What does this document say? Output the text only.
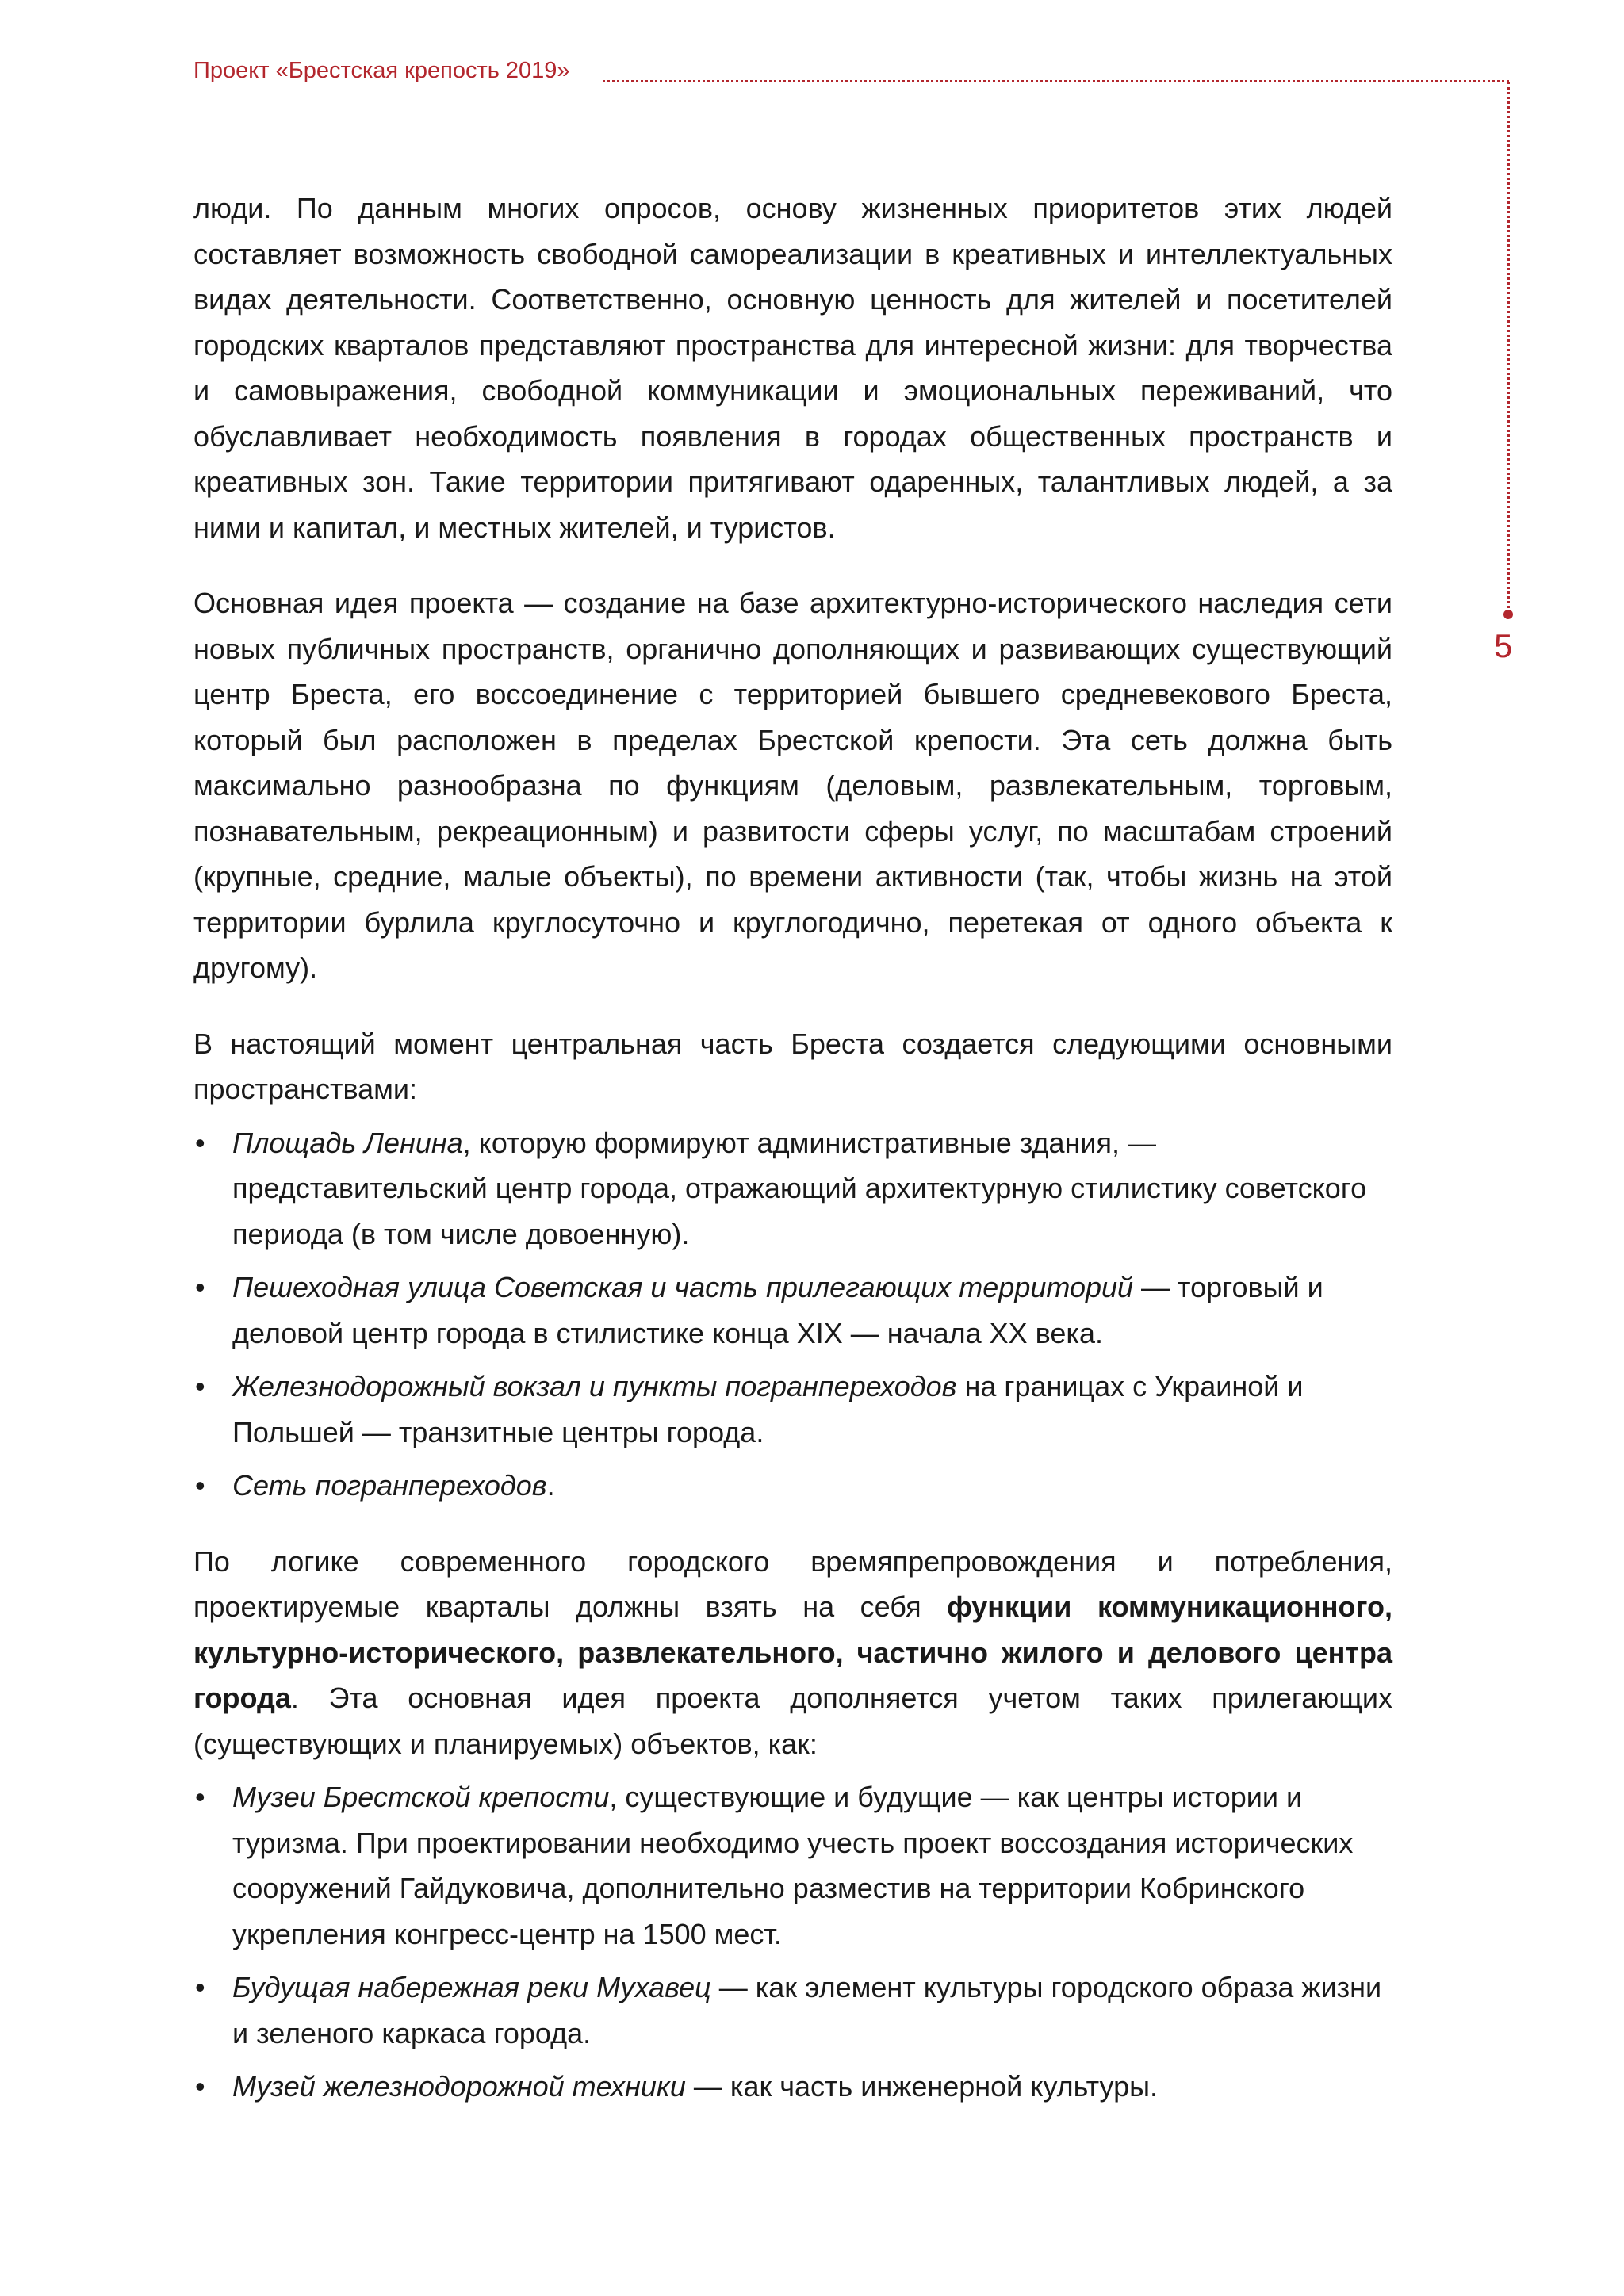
Проект «Брестская крепость 2019»
5

люди. По данным многих опросов, основу жизненных приоритетов этих людей составляет возможность свободной самореализации в креативных и интеллектуальных видах деятельности. Соответственно, основную ценность для жителей и посетителей городских кварталов представляют пространства для интересной жизни: для творчества и самовыражения, свободной коммуникации и эмоциональных переживаний, что обуславливает необходимость появления в городах общественных пространств и креативных зон. Такие территории притягивают одаренных, талантливых людей, а за ними и капитал, и местных жителей, и туристов.

Основная идея проекта — создание на базе архитектурно-исторического наследия сети новых публичных пространств, органично дополняющих и развивающих существующий центр Бреста, его воссоединение с территорией бывшего средневекового Бреста, который был расположен в пределах Брестской крепости. Эта сеть должна быть максимально разнообразна по функциям (деловым, развлекательным, торговым, познавательным, рекреационным) и развитости сферы услуг, по масштабам строений (крупные, средние, малые объекты), по времени активности (так, чтобы жизнь на этой территории бурлила круглосуточно и круглогодично, перетекая от одного объекта к другому).

В настоящий момент центральная часть Бреста создается следующими основными пространствами:

• Площадь Ленина, которую формируют административные здания, — представительский центр города, отражающий архитектурную стилистику советского периода (в том числе довоенную).
• Пешеходная улица Советская и часть прилегающих территорий — торговый и деловой центр города в стилистике конца XIX — начала XX века.
• Железнодорожный вокзал и пункты погранпереходов на границах с Украиной и Польшей — транзитные центры города.
• Сеть погранпереходов.

По логике современного городского времяпрепровождения и потребления, проектируемые кварталы должны взять на себя функции коммуникационного, культурно-исторического, развлекательного, частично жилого и делового центра города. Эта основная идея проекта дополняется учетом таких прилегающих (существующих и планируемых) объектов, как:

• Музеи Брестской крепости, существующие и будущие — как центры истории и туризма. При проектировании необходимо учесть проект воссоздания исторических сооружений Гайдуковича, дополнительно разместив на территории Кобринского укрепления конгресс-центр на 1500 мест.
• Будущая набережная реки Мухавец — как элемент культуры городского образа жизни и зеленого каркаса города.
• Музей железнодорожной техники — как часть инженерной культуры.
